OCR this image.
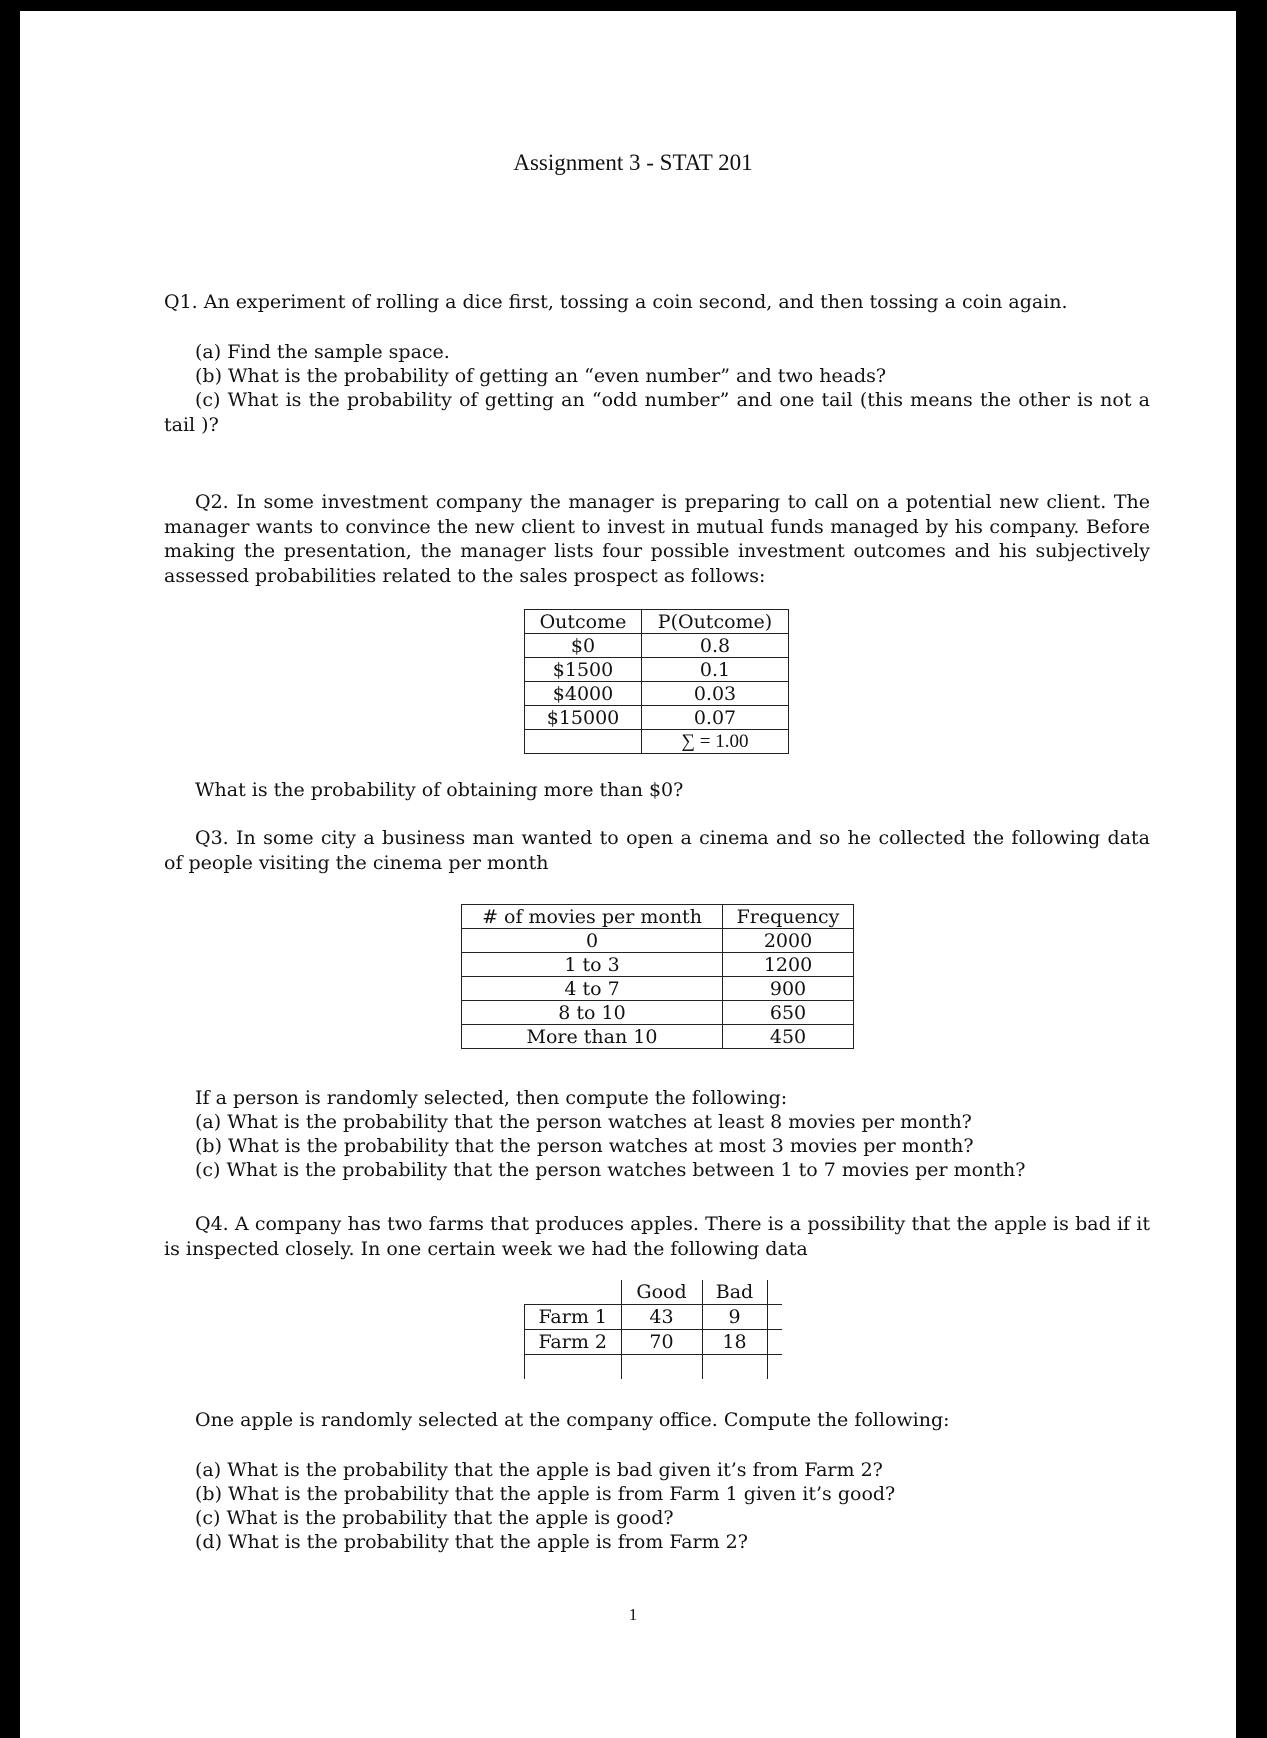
Assignment 3 - STAT 201

Q1. An experiment of rolling a dice first, tossing a coin second, and then tossing a coin again.

(a) Find the sample space.

(b) What is the probability of getting an “even number” and two heads?

(c) What is the probability of getting an “odd number” and one tail (this means the other is not a tail )?

Q2. In some investment company the manager is preparing to call on a potential new client. The manager wants to convince the new client to invest in mutual funds managed by his company. Before making the presentation, the manager lists four possible investment outcomes and his subjectively assessed probabilities related to the sales prospect as follows:

Outcome	P(Outcome)
$0	0.8
$1500	0.1
$4000	0.03
$15000	0.07
	∑ = 1.00

What is the probability of obtaining more than $0?

Q3. In some city a business man wanted to open a cinema and so he collected the following data of people visiting the cinema per month

# of movies per month	Frequency
0	2000
1 to 3	1200
4 to 7	900
8 to 10	650
More than 10	450

If a person is randomly selected, then compute the following:

(a) What is the probability that the person watches at least 8 movies per month?

(b) What is the probability that the person watches at most 3 movies per month?

(c) What is the probability that the person watches between 1 to 7 movies per month?

Q4. A company has two farms that produces apples. There is a possibility that the apple is bad if it is inspected closely. In one certain week we had the following data

	Good	Bad	
Farm 1	43	9	
Farm 2	70	18	

One apple is randomly selected at the company office. Compute the following:

(a) What is the probability that the apple is bad given it’s from Farm 2?

(b) What is the probability that the apple is from Farm 1 given it’s good?

(c) What is the probability that the apple is good?

(d) What is the probability that the apple is from Farm 2?

1
